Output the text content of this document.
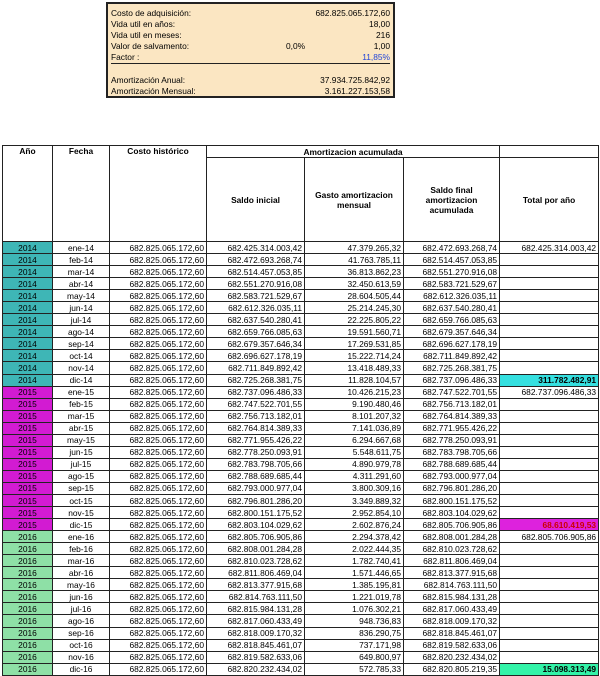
Costo de adquisición:	682.825.065.172,60
Vida util en años:	18,00
Vida util en meses:	216
Valor de salvamento:	0,0%	1,00
Factor :	11,85%
Amortización Anual:	37.934.725.842,92
Amortización Mensual:	3.161.227.153,58
Año	Fecha	Costo histórico	Amortizacion acumulada			
			Saldo inicial	Gasto amortizacion mensual	Saldo final amortizacion acumulada	Total por año
2014	ene-14	682.825.065.172,60	682.425.314.003,42	47.379.265,32	682.472.693.268,74	682.425.314.003,42
2014	feb-14	682.825.065.172,60	682.472.693.268,74	41.763.785,11	682.514.457.053,85	
2014	mar-14	682.825.065.172,60	682.514.457.053,85	36.813.862,23	682.551.270.916,08	
2014	abr-14	682.825.065.172,60	682.551.270.916,08	32.450.613,59	682.583.721.529,67	
2014	may-14	682.825.065.172,60	682.583.721.529,67	28.604.505,44	682.612.326.035,11	
2014	jun-14	682.825.065.172,60	682.612.326.035,11	25.214.245,30	682.637.540.280,41	
2014	jul-14	682.825.065.172,60	682.637.540.280,41	22.225.805,22	682.659.766.085,63	
2014	ago-14	682.825.065.172,60	682.659.766.085,63	19.591.560,71	682.679.357.646,34	
2014	sep-14	682.825.065.172,60	682.679.357.646,34	17.269.531,85	682.696.627.178,19	
2014	oct-14	682.825.065.172,60	682.696.627.178,19	15.222.714,24	682.711.849.892,42	
2014	nov-14	682.825.065.172,60	682.711.849.892,42	13.418.489,33	682.725.268.381,75	
2014	dic-14	682.825.065.172,60	682.725.268.381,75	11.828.104,57	682.737.096.486,33	311.782.482,91
2015	ene-15	682.825.065.172,60	682.737.096.486,33	10.426.215,23	682.747.522.701,55	682.737.096.486,33
2015	feb-15	682.825.065.172,60	682.747.522.701,55	9.190.480,46	682.756.713.182,01	
2015	mar-15	682.825.065.172,60	682.756.713.182,01	8.101.207,32	682.764.814.389,33	
2015	abr-15	682.825.065.172,60	682.764.814.389,33	7.141.036,89	682.771.955.426,22	
2015	may-15	682.825.065.172,60	682.771.955.426,22	6.294.667,68	682.778.250.093,91	
2015	jun-15	682.825.065.172,60	682.778.250.093,91	5.548.611,75	682.783.798.705,66	
2015	jul-15	682.825.065.172,60	682.783.798.705,66	4.890.979,78	682.788.689.685,44	
2015	ago-15	682.825.065.172,60	682.788.689.685,44	4.311.291,60	682.793.000.977,04	
2015	sep-15	682.825.065.172,60	682.793.000.977,04	3.800.309,16	682.796.801.286,20	
2015	oct-15	682.825.065.172,60	682.796.801.286,20	3.349.889,32	682.800.151.175,52	
2015	nov-15	682.825.065.172,60	682.800.151.175,52	2.952.854,10	682.803.104.029,62	
2015	dic-15	682.825.065.172,60	682.803.104.029,62	2.602.876,24	682.805.706.905,86	68.610.419,53
2016	ene-16	682.825.065.172,60	682.805.706.905,86	2.294.378,42	682.808.001.284,28	682.805.706.905,86
2016	feb-16	682.825.065.172,60	682.808.001.284,28	2.022.444,35	682.810.023.728,62	
2016	mar-16	682.825.065.172,60	682.810.023.728,62	1.782.740,41	682.811.806.469,04	
2016	abr-16	682.825.065.172,60	682.811.806.469,04	1.571.446,65	682.813.377.915,68	
2016	may-16	682.825.065.172,60	682.813.377.915,68	1.385.195,81	682.814.763.111,50	
2016	jun-16	682.825.065.172,60	682.814.763.111,50	1.221.019,78	682.815.984.131,28	
2016	jul-16	682.825.065.172,60	682.815.984.131,28	1.076.302,21	682.817.060.433,49	
2016	ago-16	682.825.065.172,60	682.817.060.433,49	948.736,83	682.818.009.170,32	
2016	sep-16	682.825.065.172,60	682.818.009.170,32	836.290,75	682.818.845.461,07	
2016	oct-16	682.825.065.172,60	682.818.845.461,07	737.171,98	682.819.582.633,06	
2016	nov-16	682.825.065.172,60	682.819.582.633,06	649.800,97	682.820.232.434,02	
2016	dic-16	682.825.065.172,60	682.820.232.434,02	572.785,33	682.820.805.219,35	15.098.313,49
